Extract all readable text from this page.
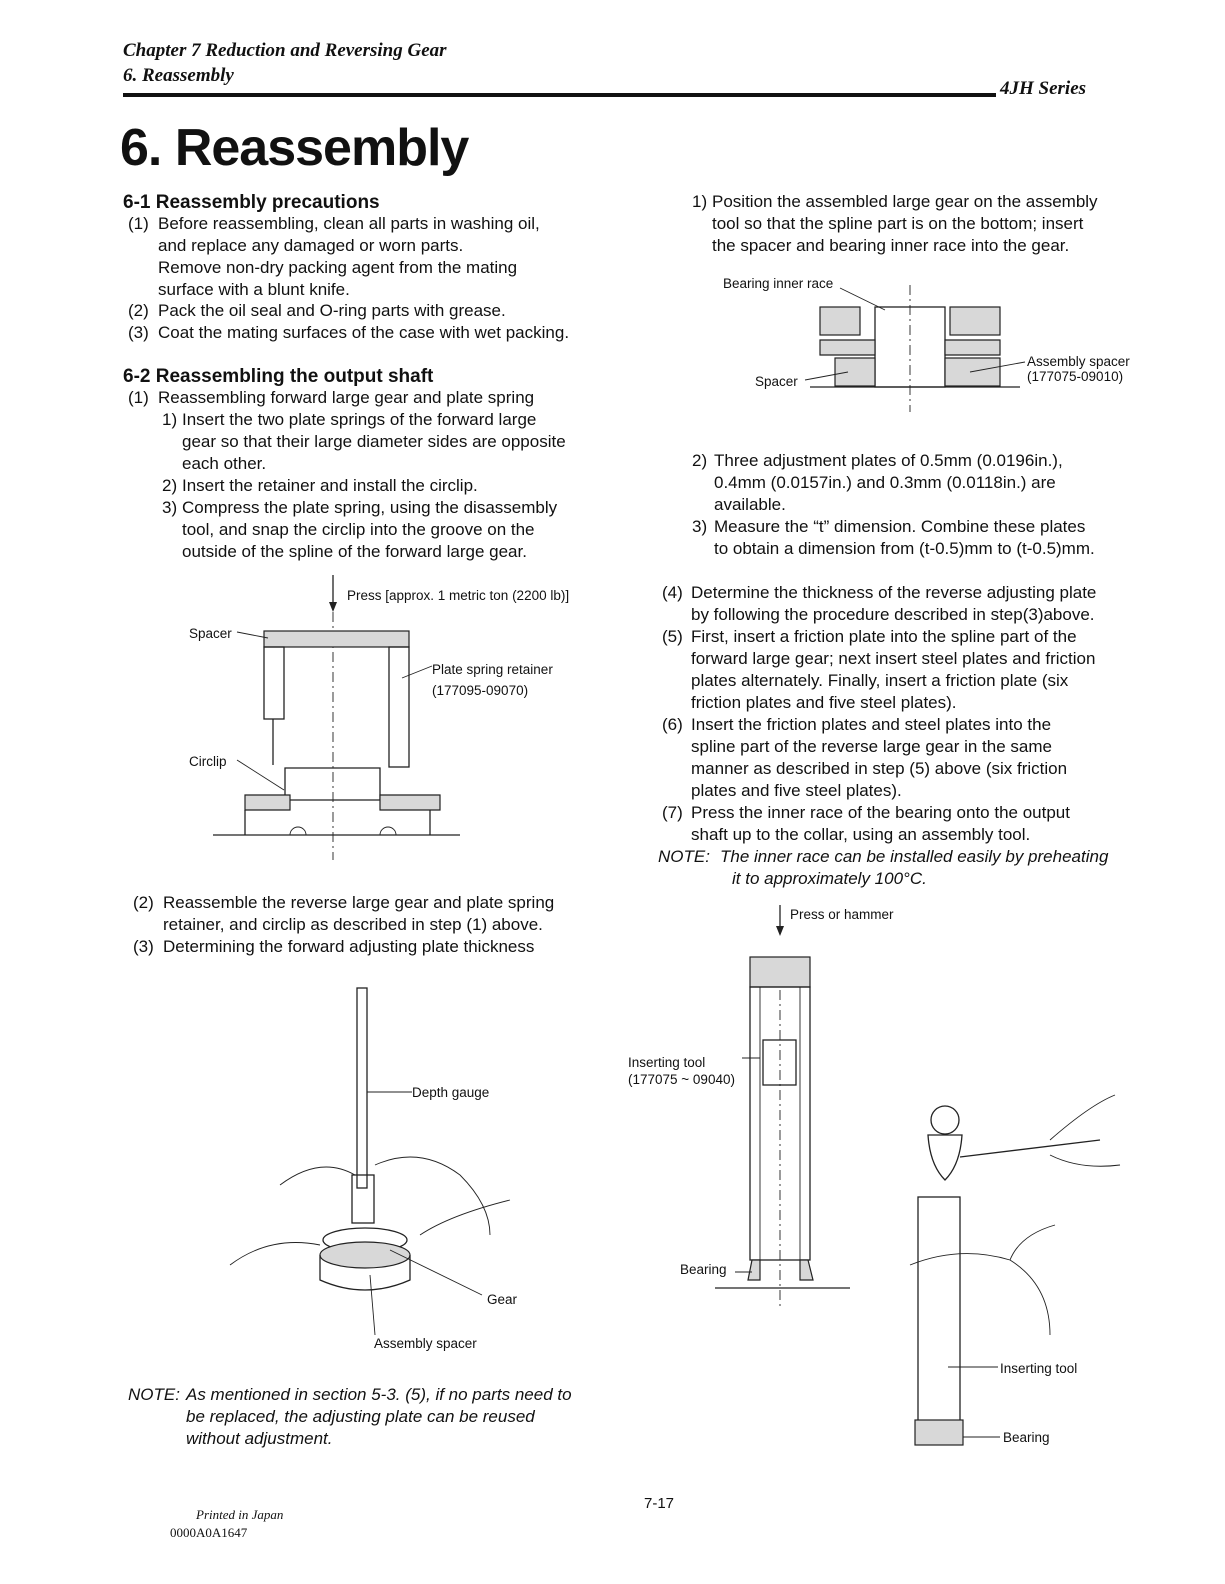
Chapter 7 Reduction and Reversing Gear
6. Reassembly
4JH Series
6. Reassembly
6-1 Reassembly precautions
(1) Before reassembling, clean all parts in washing oil,
and replace any damaged or worn parts.
Remove non-dry packing agent from the mating
surface with a blunt knife.
(2) Pack the oil seal and O-ring parts with grease.
(3) Coat the mating surfaces of the case with wet packing.
6-2 Reassembling the output shaft
(1) Reassembling forward large gear and plate spring
1) Insert the two plate springs of the forward large
gear so that their large diameter sides are opposite
each other.
2) Insert the retainer and install the circlip.
3) Compress the plate spring, using the disassembly
tool, and snap the circlip into the groove on the
outside of the spline of the forward large gear.
Press [approx. 1 metric ton (2200 lb)]
Spacer
Plate spring retainer
(177095-09070)
Circlip
(2) Reassemble the reverse large gear and plate spring
retainer, and circlip as described in step (1) above.
(3) Determining the forward adjusting plate thickness
Depth gauge
Gear
Assembly spacer
NOTE: As mentioned in section 5-3. (5), if no parts need to
be replaced, the adjusting plate can be reused
without adjustment.
1) Position the assembled large gear on the assembly
tool so that the spline part is on the bottom; insert
the spacer and bearing inner race into the gear.
Bearing inner race
Spacer
Assembly spacer
(177075-09010)
2) Three adjustment plates of 0.5mm (0.0196in.),
0.4mm (0.0157in.) and 0.3mm (0.0118in.) are
available.
3) Measure the “t” dimension. Combine these plates
to obtain a dimension from (t-0.5)mm to (t-0.5)mm.
(4) Determine the thickness of the reverse adjusting plate
by following the procedure described in step(3)above.
(5) First, insert a friction plate into the spline part of the
forward large gear; next insert steel plates and friction
plates alternately. Finally, insert a friction plate (six
friction plates and five steel plates).
(6) Insert the friction plates and steel plates into the
spline part of the reverse large gear in the same
manner as described in step (5) above (six friction
plates and five steel plates).
(7) Press the inner race of the bearing onto the output
shaft up to the collar, using an assembly tool.
NOTE: The inner race can be installed easily by preheating
it to approximately 100°C.
Press or hammer
Inserting tool
(177075 ~ 09040)
Bearing
Inserting tool
Bearing
Printed in Japan
0000A0A1647
7-17
